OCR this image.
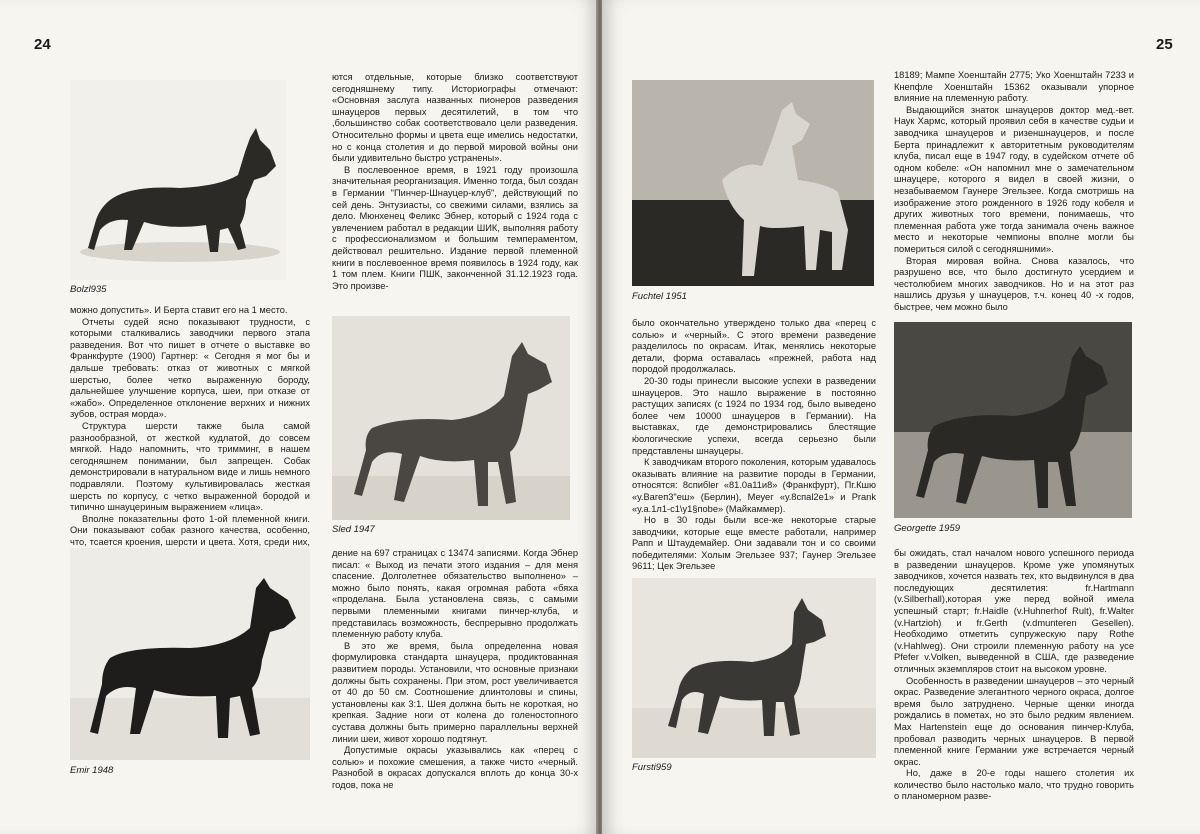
24
Bolzl935

можно допустить». И Берта ставит его на 1 место.

Отчеты судей ясно показывают трудности, с которыми сталкивались заводчики первого этапа разведения. Вот что пишет в отчете о выставке во Франкфурте (1900) Гартнер: « Сегодня я мог бы и дальше требовать: отказ от животных с мягкой шерстью, более четко выраженную бороду, дальнейшее улучшение корпуса, шеи, при отказе от «жабо». Определенное отклонение верхних и нижних зубов, острая морда».

Структура шерсти также была самой разнообразной, от жесткой кудлатой, до совсем мягкой. Надо напомнить, что тримминг, в нашем сегодняшнем понимании, был запрещен. Собак демонстрировали в натуральном виде и лишь немного подравляли. Поэтому культивировалась жесткая шерсть по корпусу, с четко выраженной бородой и типично шнауцериным выражением «лица».

Вполне показательны фото 1-ой племенной книги. Они показывают собак разного качества, особенно, что, тсается кроения, шерсти и цвета. Хотя, среди них,

Emir 1948

ются отдельные, которые близко соответствуют сегодняшнему типу. Историографы отмечают: «Основная заслуга названных пионеров разведения шнауцеров первых десятилетий, в том что ,большинство собак соответствовало цели разведения. Относительно формы и цвета еще имелись недостатки, но с конца столетия и до первой мировой войны они были удивительно быстро устранены».

В послевоенное время, в 1921 году произошла значительная реорганизация. Именно тогда, был создан в Германии "Пинчер-Шнауцер-клуб", действующий по сей день. Энтузиасты, со свежими силами, взялись за дело. Мюнхенец Феликс Эбнер, который с 1924 года с увлечением работал в редакции ШИК, выполняя работу с профессионализмом и большим темпераментом, действовал решительно. Издание первой племенной книги в послевоенное время появилось в 1924 году, как 1 том плем. Книги ПШК, законченной 31.12.1923 года. Это произве-

Sled 1947

дение на 697 страницах с 13474 записями. Когда Эбнер писал: « Выход из печати этого издания – для меня спасение. Долголетнее обязательство выполнено» – можно было понять, какая огромная работа «бяха «проделана. Была установлена связь, с самыми первыми племенными книгами пинчер-клуба, и представилась возможность, беспрерывно продолжать племенную работу клуба.

В это же время, была определенна новая формулировка стандарта шнауцера, продиктованная развитием породы. Установили, что основные признаки должны быть сохранены. При этом, рост увеличивается от 40 до 50 см. Соотношение длинтоловы и спины, установлены как 3:1. Шея должна быть не короткая, но крепкая. Задние ноги от колена до голеностопного сустава должны быть примерно параллельны верхней линии шеи, живот хорошо подтянут.

Допустимые окрасы указывались как «перец с солью» и похожие смешения, а также чисто «черный. Разнобой в окрасах допускался вплоть до конца 30-х годов, пока не

25
Fuchtel 1951

было окончательно утверждено только два «перец с солью» и «черный». С этого времени разведение разделилось по окрасам. Итак, менялись некоторые детали, форма оставалась «прежней, работа над породой продолжалась.

20-30 годы принесли высокие успехи в разведении шнауцеров. Это нашло выражение в постоянно растущих записях (с 1924 по 1934 год, было выведено более чем 10000 шнауцеров в Германии). На выставках, где демонстрировались блестящие ю́ологические успехи, всегда серьезно были представлены шнауцеры.

К заводчикам второго поколения, которым удавалось оказывать влияние на развитие породы в Германии, относятся: 8спибler «81.0а11и8» (Франкфурт), Пг.Кшю «у.Вагеп3"еш» (Берлин), Меуег «у.8спаl2е1» и Рrаnk «у.а.1л1-с1\у1§пobе» (Майкаммер).

Но в 30 годы были все-же некоторые старые заводчики, которые еще вместе работали, например Рапп и Штаудемайер. Они задавали тон и со своими победителями: Холым Эгельзее 937; Гаунер Эгельзее 9611; Цек Эгельзее

Fursti959

18189; Мампе Хоенштайн 2775; Уко Хоенштайн 7233 и Кнепфле Хоенштайн 15362 оказывали упорное влияние на племенную работу.

Выдающийся знаток шнауцеров доктор мед.-вет. Наук Хармс, который проявил себя в качестве судьи и заводчика шнауцеров и ризеншнауцеров, и после Берта принадлежит к авторитетным руководителям клуба, писал еще в 1947 году, в судейском отчете об одном кобеле: «Он напомнил мне о замечательном шнауцере, которого я видел в своей жизни, о незабываемом Гаунере Эгельзее. Когда смотришь на изображение этого рожденного в 1926 году кобеля и других животных того времени, понимаешь, что племенная работа уже тогда занимала очень важное место и некоторые чемпионы вполне могли бы помериться силой с сегодняшними».

Вторая мировая война. Снова казалось, что разрушено все, что было достигнуто усердием и честолюбием многих заводчиков. Но и на этот раз нашлись друзья у шнауцеров, т.ч. конец 40 -х годов, быстрее, чем можно было

Georgette 1959

бы ожидать, стал началом нового успешного периода в разведении шнауцеров. Кроме уже упомянутых заводчиков, хочется назвать тех, кто выдвинулся в два последующих десятилетия: fr.Hartmann (v.Silberhall),которая уже перед войной имела успешный старт; fr.Haidle (v.Huhnerhof Rult), fr.Walter (v.Hartzioh) и fr.Gerth (v.dmunteren Gesellen). Необходимо отметить супружескую пару Rothe (v.Hahlweg). Они строили племенную работу на усе Pfefer v.Volken, выведенной в США, где разведение отличных экземпляров стоит на высоком уровне.

Особенность в разведении шнауцеров – это черный окрас. Разведение элегантного черного окраса, долгое время было затруднено. Черные щенки иногда рождались в пометах, но это было редким явлением. Max Hartenstein еще до основания пинчер-Клуба, пробовал разводить черных шнауцеров. В первой племенной книге Германии уже встречается черный окрас.

Но, даже в 20-е годы нашего столетия их количество было настолько мало, что трудно говорить о планомерном разве-
